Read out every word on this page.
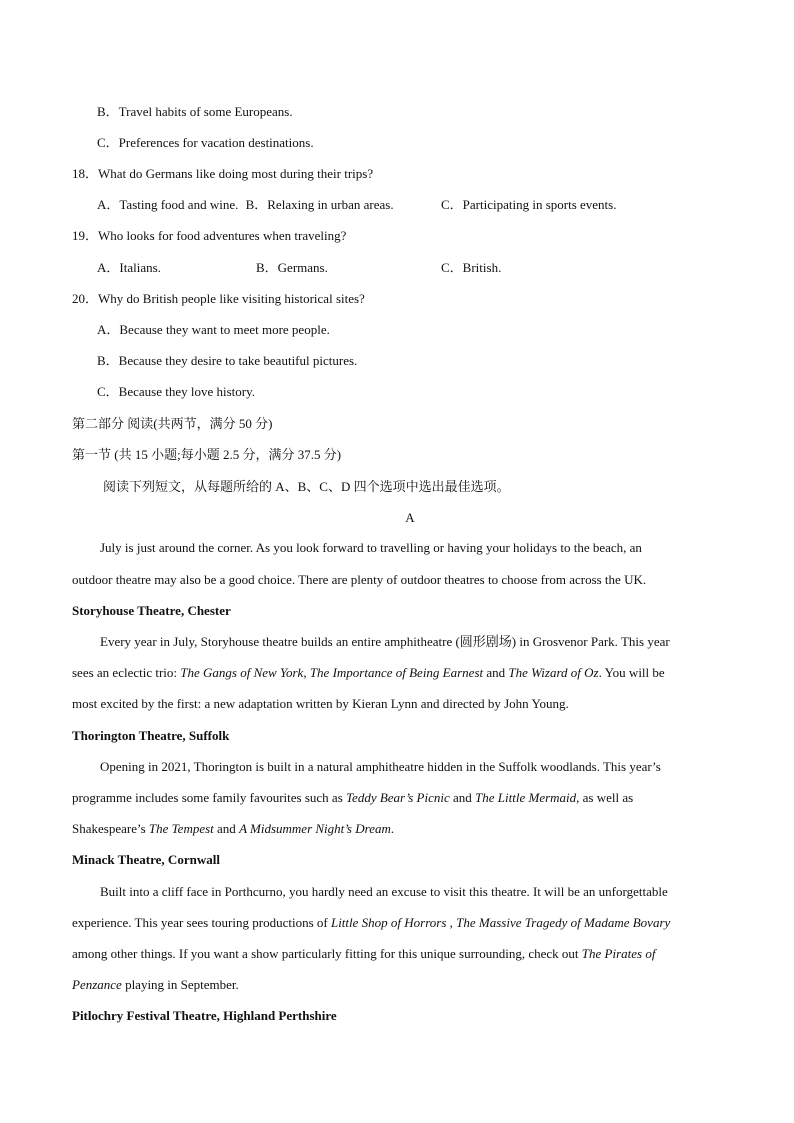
B．Travel habits of some Europeans.
C．Preferences for vacation destinations.
18．What do Germans like doing most during their trips?
A．Tasting food and wine. B．Relaxing in urban areas.	C．Participating in sports events.
19．Who looks for food adventures when traveling?
A．Italians.	B．Germans.	C．British.
20．Why do British people like visiting historical sites?
A．Because they want to meet more people.
B．Because they desire to take beautiful pictures.
C．Because they love history.
第二部分 阅读(共两节，满分 50 分)
第一节 (共 15 小题;每小题 2.5 分，满分 37.5 分)
阅读下列短文，从每题所给的 A、B、C、D 四个选项中选出最佳选项。
A
July is just around the corner. As you look forward to travelling or having your holidays to the beach, an
outdoor theatre may also be a good choice. There are plenty of outdoor theatres to choose from across the UK.
Storyhouse Theatre, Chester
Every year in July, Storyhouse theatre builds an entire amphitheatre (圆形剧场) in Grosvenor Park. This year
sees an eclectic trio: The Gangs of New York, The Importance of Being Earnest and The Wizard of Oz. You will be
most excited by the first: a new adaptation written by Kieran Lynn and directed by John Young.
Thorington Theatre, Suffolk
Opening in 2021, Thorington is built in a natural amphitheatre hidden in the Suffolk woodlands. This year’s
programme includes some family favourites such as Teddy Bear’s Picnic and The Little Mermaid, as well as
Shakespeare’s The Tempest and A Midsummer Night’s Dream.
Minack Theatre, Cornwall
Built into a cliff face in Porthcurno, you hardly need an excuse to visit this theatre. It will be an unforgettable
experience. This year sees touring productions of Little Shop of Horrors , The Massive Tragedy of Madame Bovary
among other things. If you want a show particularly fitting for this unique surrounding, check out The Pirates of
Penzance playing in September.
Pitlochry Festival Theatre, Highland Perthshire
